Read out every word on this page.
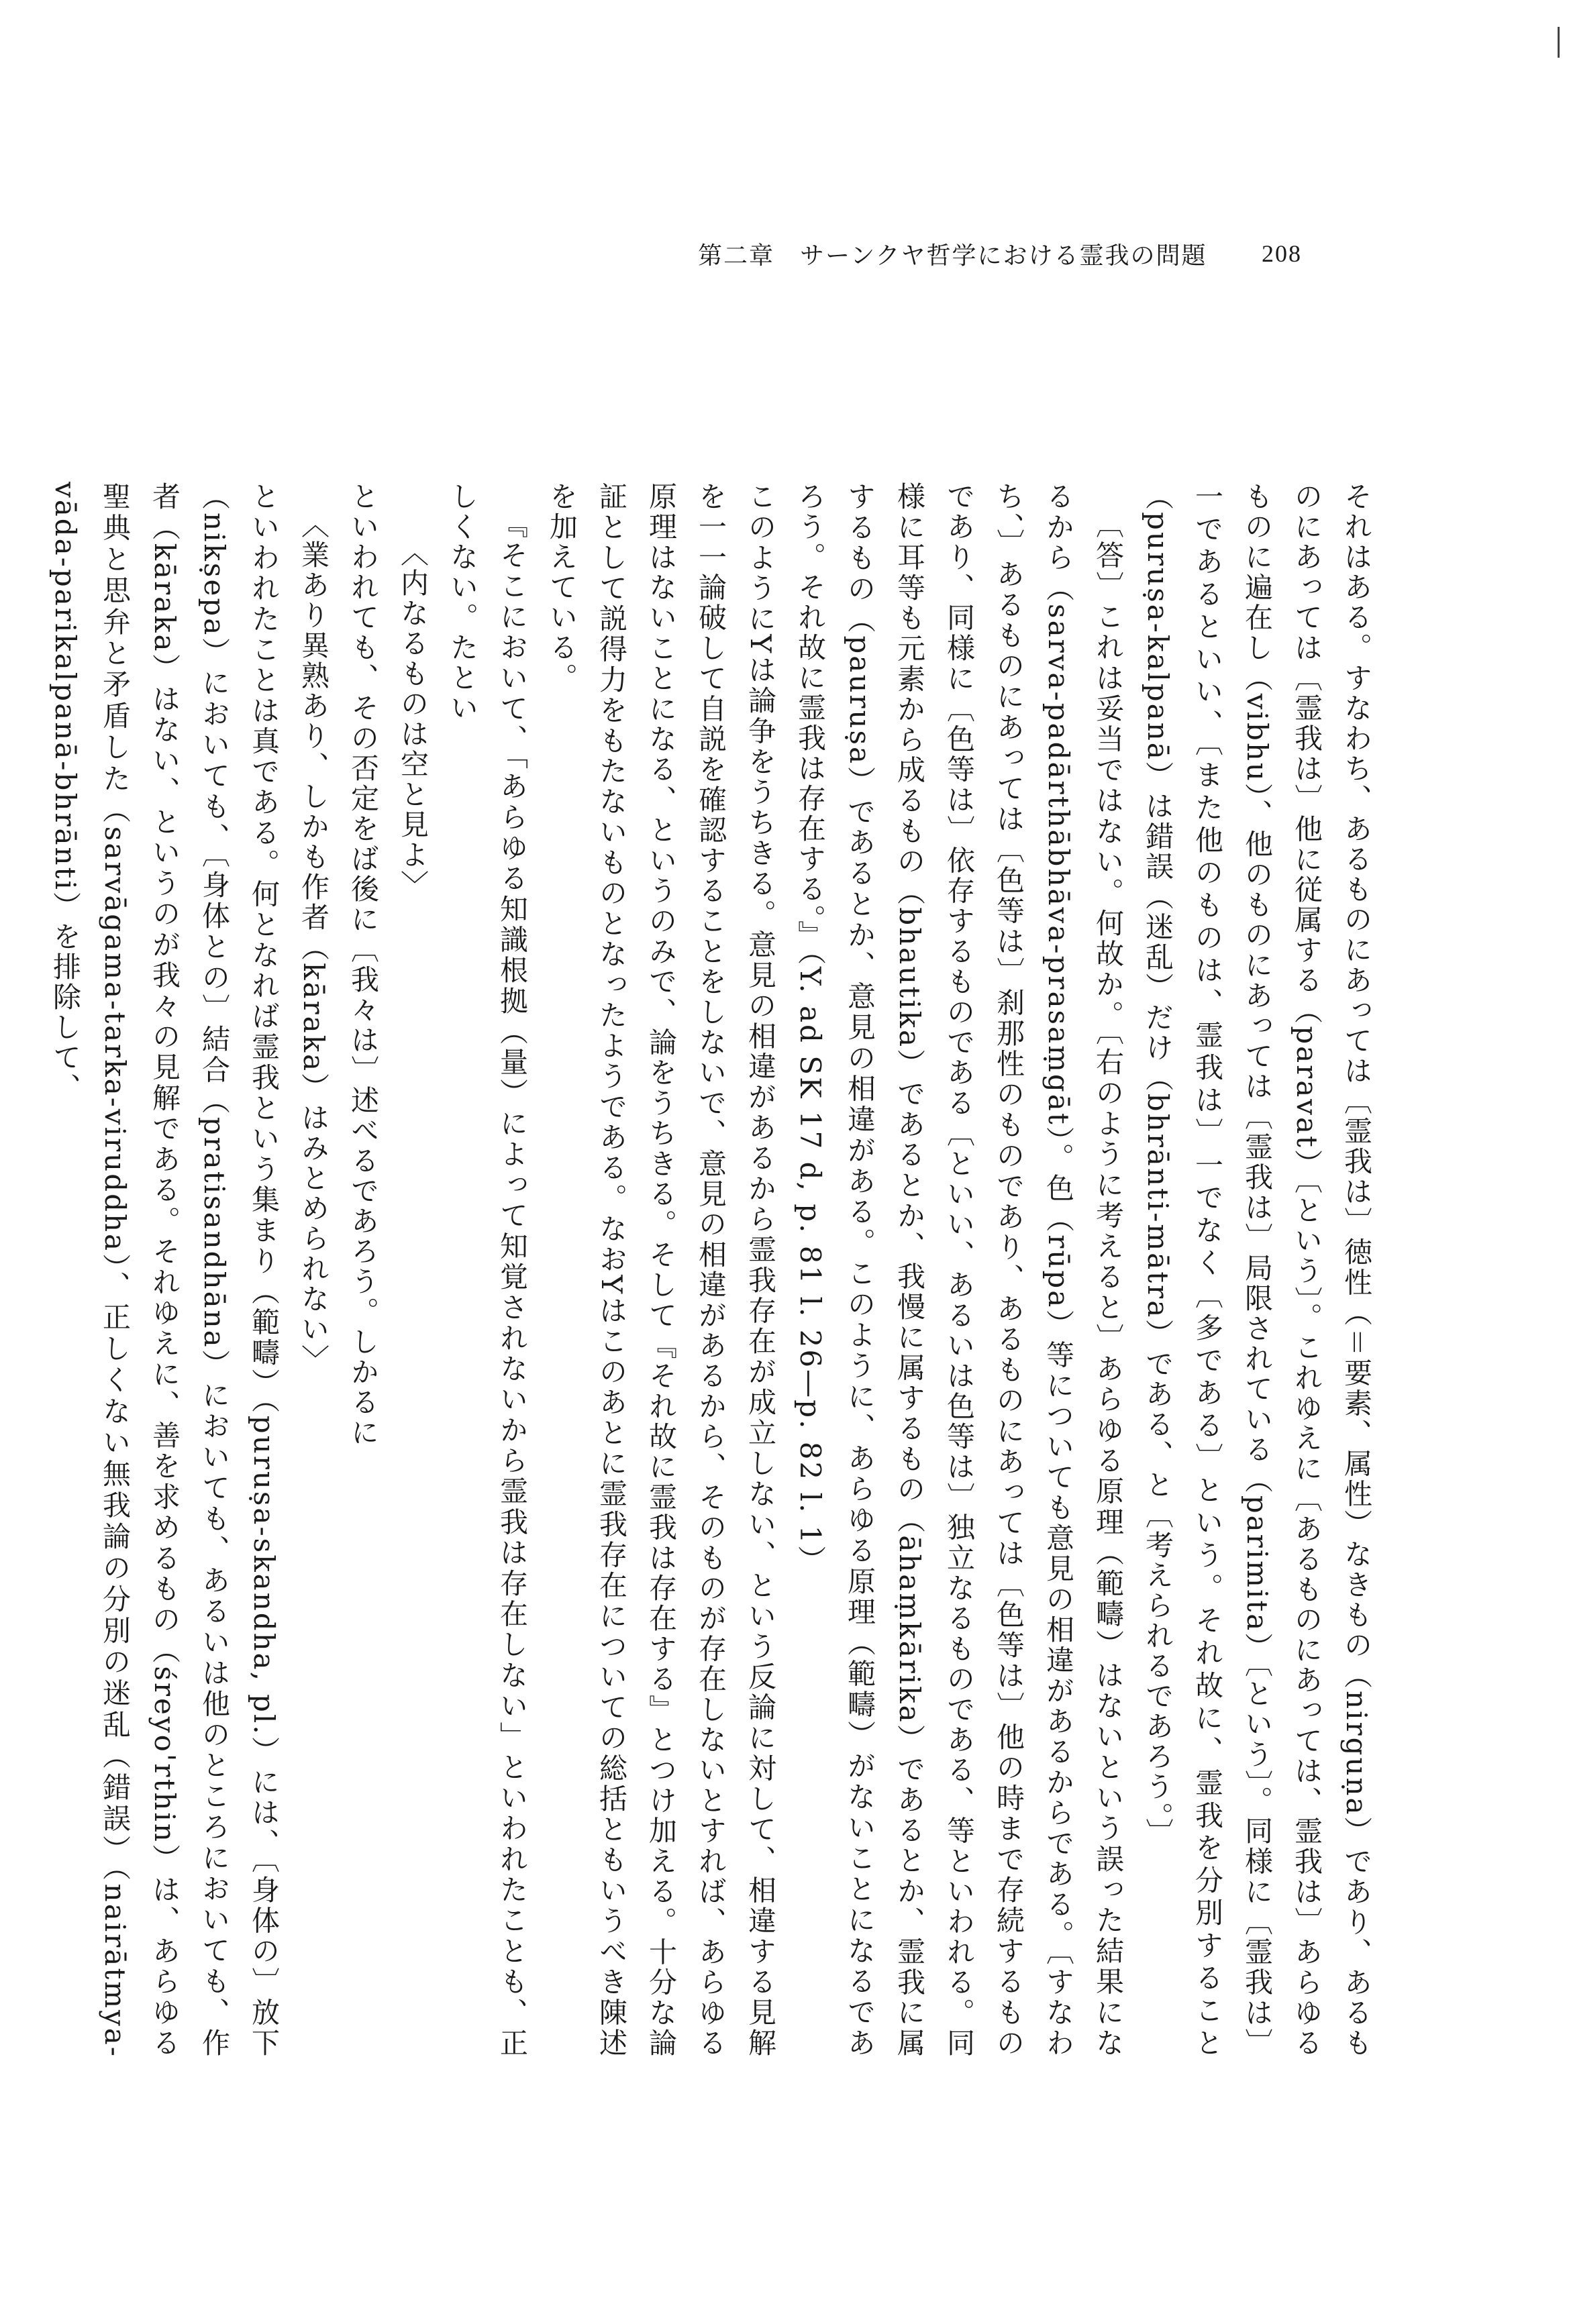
第二章　サーンクヤ哲学における霊我の問題	208

それはある。すなわち、あるものにあっては〔霊我は〕徳性（＝要素、属性）なきもの（nirguṇa）であり、あるものにあっては〔霊我は〕他に従属する（paravat）〔という〕。これゆえに〔あるものにあっては、霊我は〕あらゆるものに遍在し（vibhu）、他のものにあっては〔霊我は〕局限されている（parimita）〔という〕。同様に〔霊我は〕一であるといい、〔また他のものは、霊我は〕一でなく〔多である〕という。それ故に、霊我を分別すること（puruṣa-kalpanā）は錯誤（迷乱）だけ（bhrānti-mātra）である、と〔考えられるであろう。〕

〔答〕これは妥当ではない。何故か。〔右のように考えると〕あらゆる原理（範疇）はないという誤った結果になるから（sarva-padārthābhāva-prasaṃgāt）。色（rūpa）等についても意見の相違があるからである。〔すなわち、〕あるものにあっては〔色等は〕刹那性のものであり、あるものにあっては〔色等は〕他の時まで存続するものであり、同様に〔色等は〕依存するものである〔といい、あるいは色等は〕独立なるものである、等といわれる。同様に耳等も元素から成るもの（bhautika）であるとか、我慢に属するもの（āhaṃkārika）であるとか、霊我に属するもの（pauruṣa）であるとか、意見の相違がある。このように、あらゆる原理（範疇）がないことになるであろう。それ故に霊我は存在する。』（Y. ad SK 17 d, p. 81 l. 26—p. 82 l. 1）

このようにYは論争をうちきる。意見の相違があるから霊我存在が成立しない、という反論に対して、相違する見解を一一論破して自説を確認することをしないで、意見の相違があるから、そのものが存在しないとすれば、あらゆる原理はないことになる、というのみで、論をうちきる。そして『それ故に霊我は存在する』とつけ加える。十分な論証として説得力をもたないものとなったようである。なおYはこのあとに霊我存在についての総括ともいうべき陳述を加えている。

『そこにおいて、「あらゆる知識根拠（量）によって知覚されないから霊我は存在しない」といわれたことも、正しくない。たとい

〈内なるものは空と見よ〉

といわれても、その否定をば後に〔我々は〕述べるであろう。しかるに

〈業あり異熟あり、しかも作者（kāraka）はみとめられない〉

といわれたことは真である。何となれば霊我という集まり（範疇）（puruṣa-skandha, pl.）には、〔身体の〕放下（nikṣepa）においても、〔身体との〕結合（pratisandhāna）においても、あるいは他のところにおいても、作者（kāraka）はない、というのが我々の見解である。それゆえに、善を求めるもの（śreyo'rthin）は、あらゆる聖典と思弁と矛盾した（sarvāgama-tarka-viruddha）、正しくない無我論の分別の迷乱（錯誤）（nairātmya-vāda-parikalpanā-bhrānti）を排除して、
